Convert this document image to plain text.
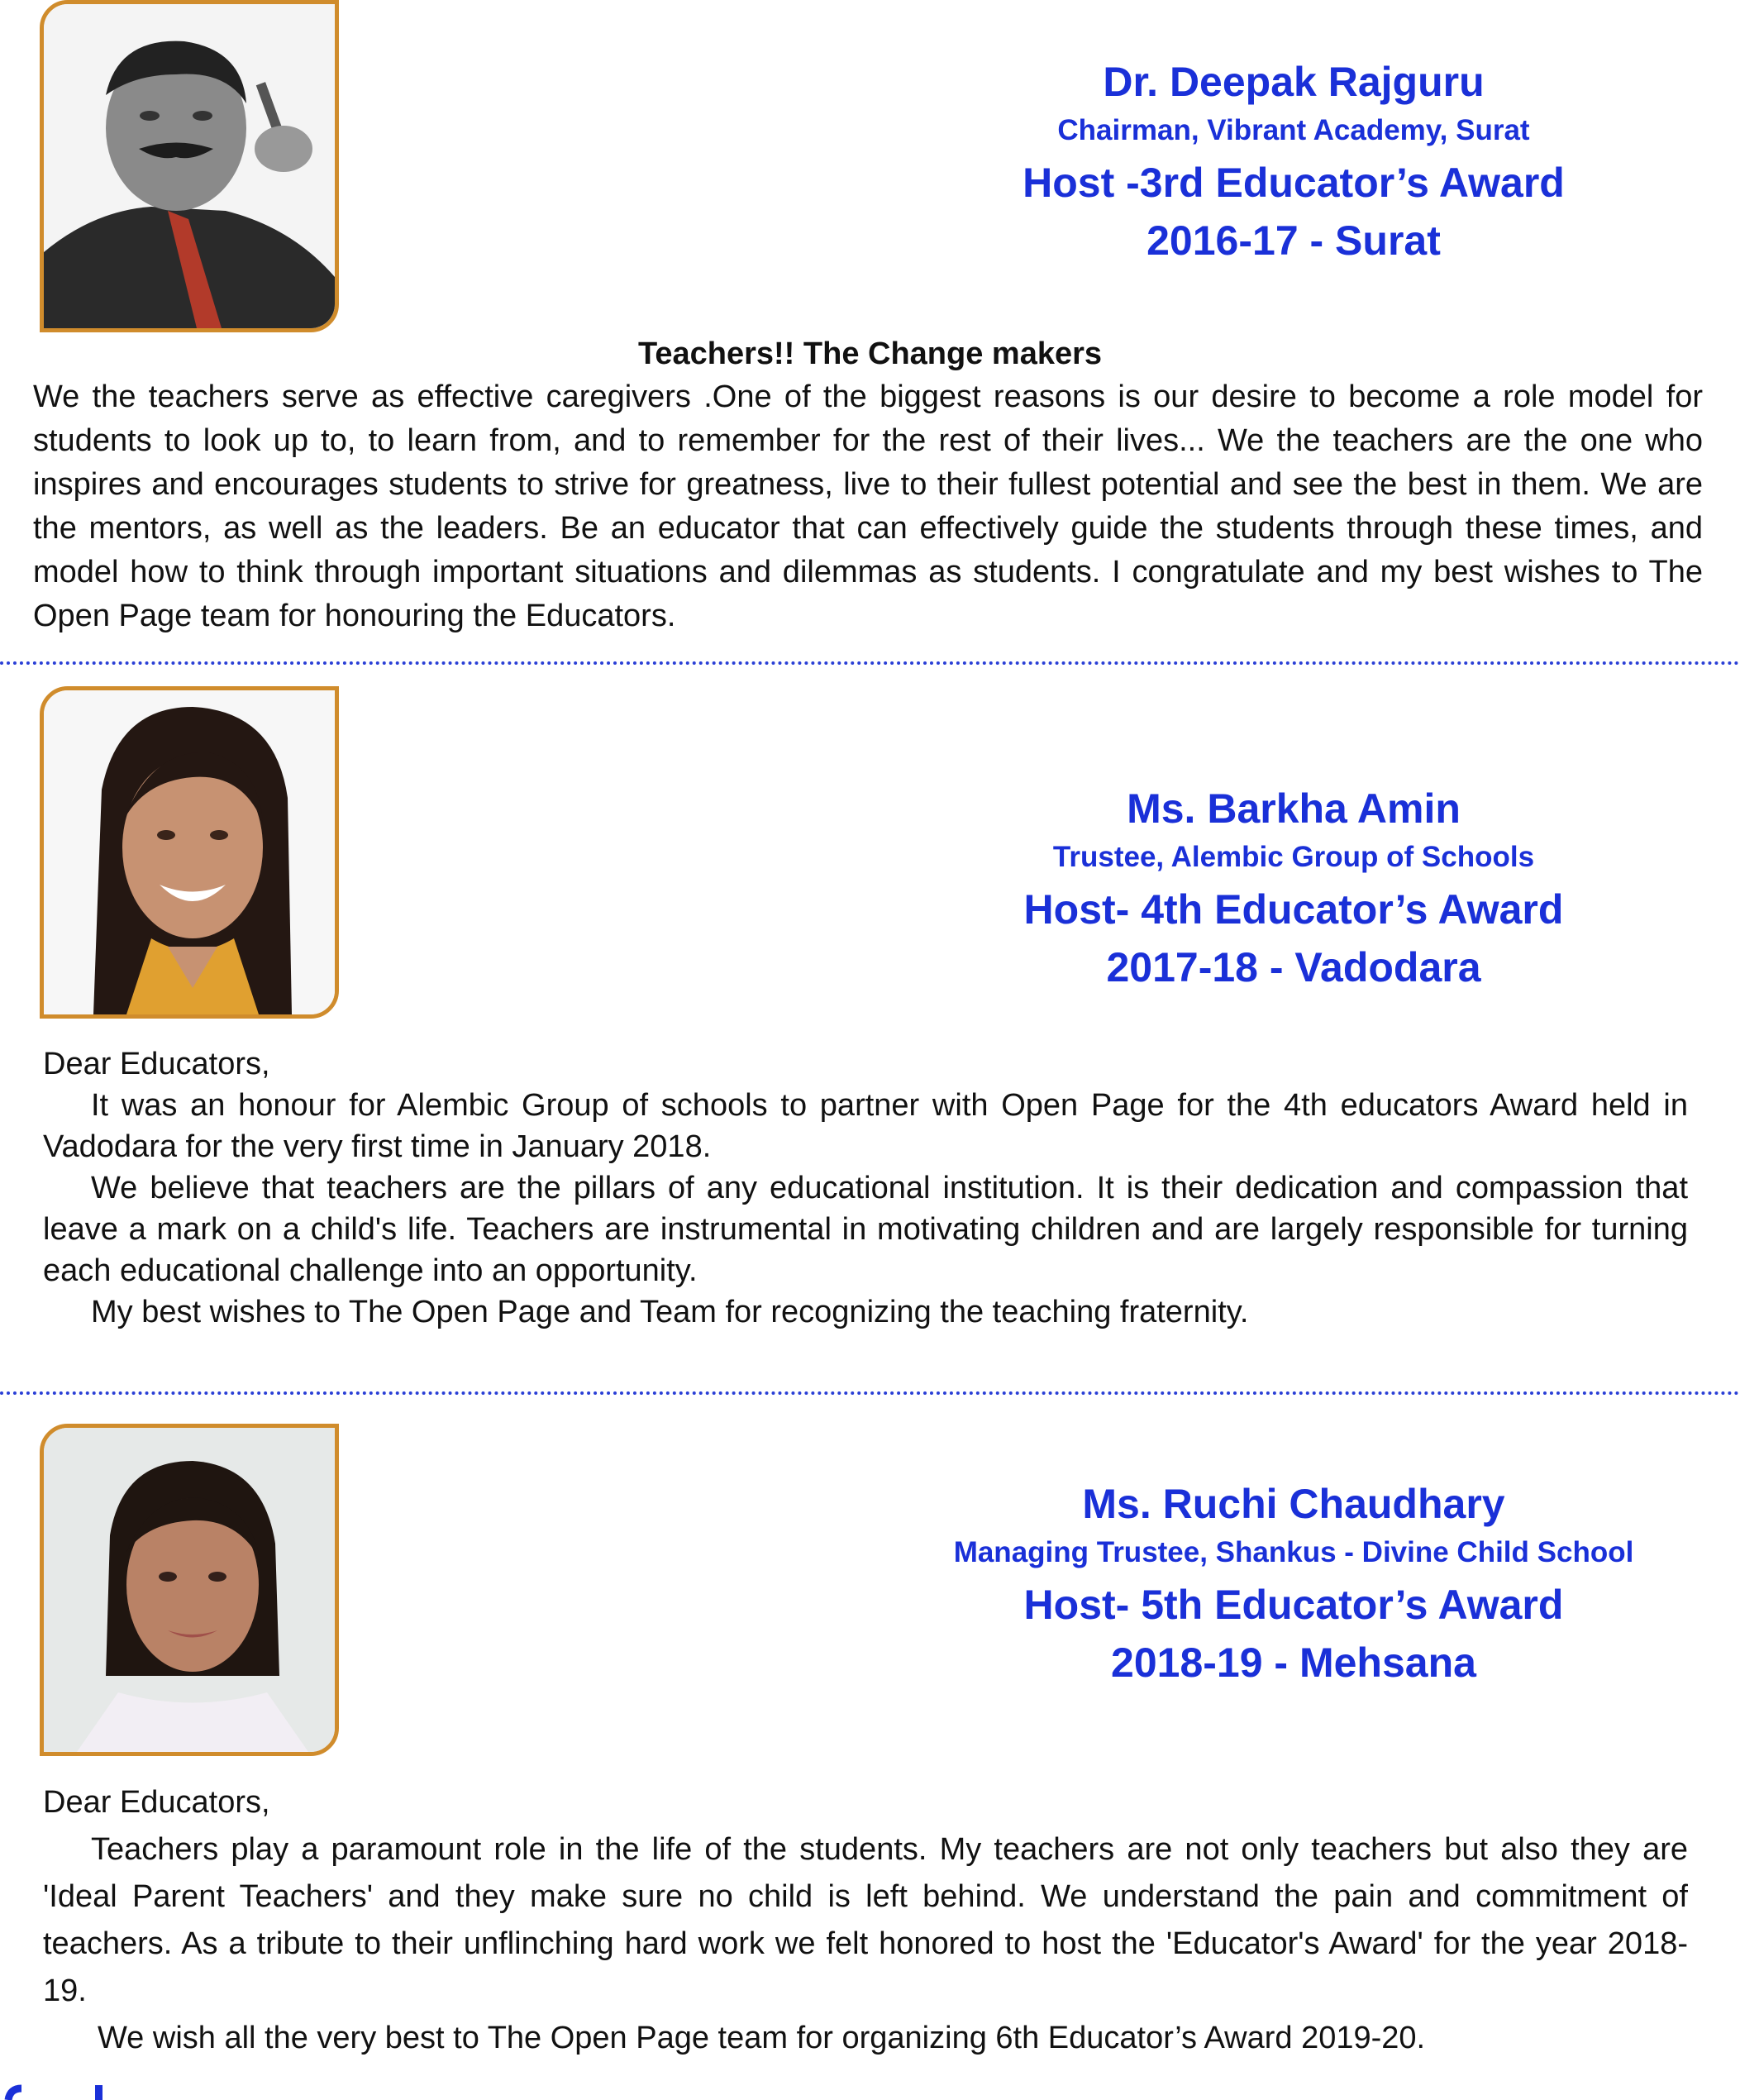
Dr. Deepak Rajguru
Chairman, Vibrant Academy, Surat
Host -3rd Educator’s Award
2016-17 - Surat
Teachers!! The Change makers

We the teachers serve as effective caregivers .One of the biggest reasons is our desire to become a role model for students to look up to, to learn from, and to remember for the rest of their lives... We the teachers are the one who inspires and encourages students to strive for greatness, live to their fullest potential and see the best in them. We are the mentors, as well as the leaders. Be an educator that can effectively guide the students through these times, and model how to think through important situations and dilemmas as students. I congratulate and my best wishes to The Open Page team for honouring the Educators.

Ms. Barkha Amin
Trustee, Alembic Group of Schools
Host- 4th Educator’s Award
2017-18 - Vadodara

Dear Educators,

It was an honour for Alembic Group of schools to partner with Open Page for the 4th educators Award held in Vadodara for the very first time in January 2018.

We believe that teachers are the pillars of any educational institution. It is their dedication and compassion that leave a mark on a child's life. Teachers are instrumental in motivating children and are largely responsible for turning each educational challenge into an opportunity.

My best wishes to The Open Page and Team for recognizing the teaching fraternity.

Ms. Ruchi Chaudhary
Managing Trustee, Shankus - Divine Child School
Host- 5th Educator’s Award
2018-19 - Mehsana

Dear Educators,

Teachers play a paramount role in the life of the students. My teachers are not only teachers but also they are 'Ideal Parent Teachers' and they make sure no child is left behind. We understand the pain and commitment of teachers. As a tribute to their unflinching hard work we felt honored to host the 'Educator's Award' for the year 2018-19.

We wish all the very best to The Open Page team for organizing 6th Educator’s Award 2019-20.
